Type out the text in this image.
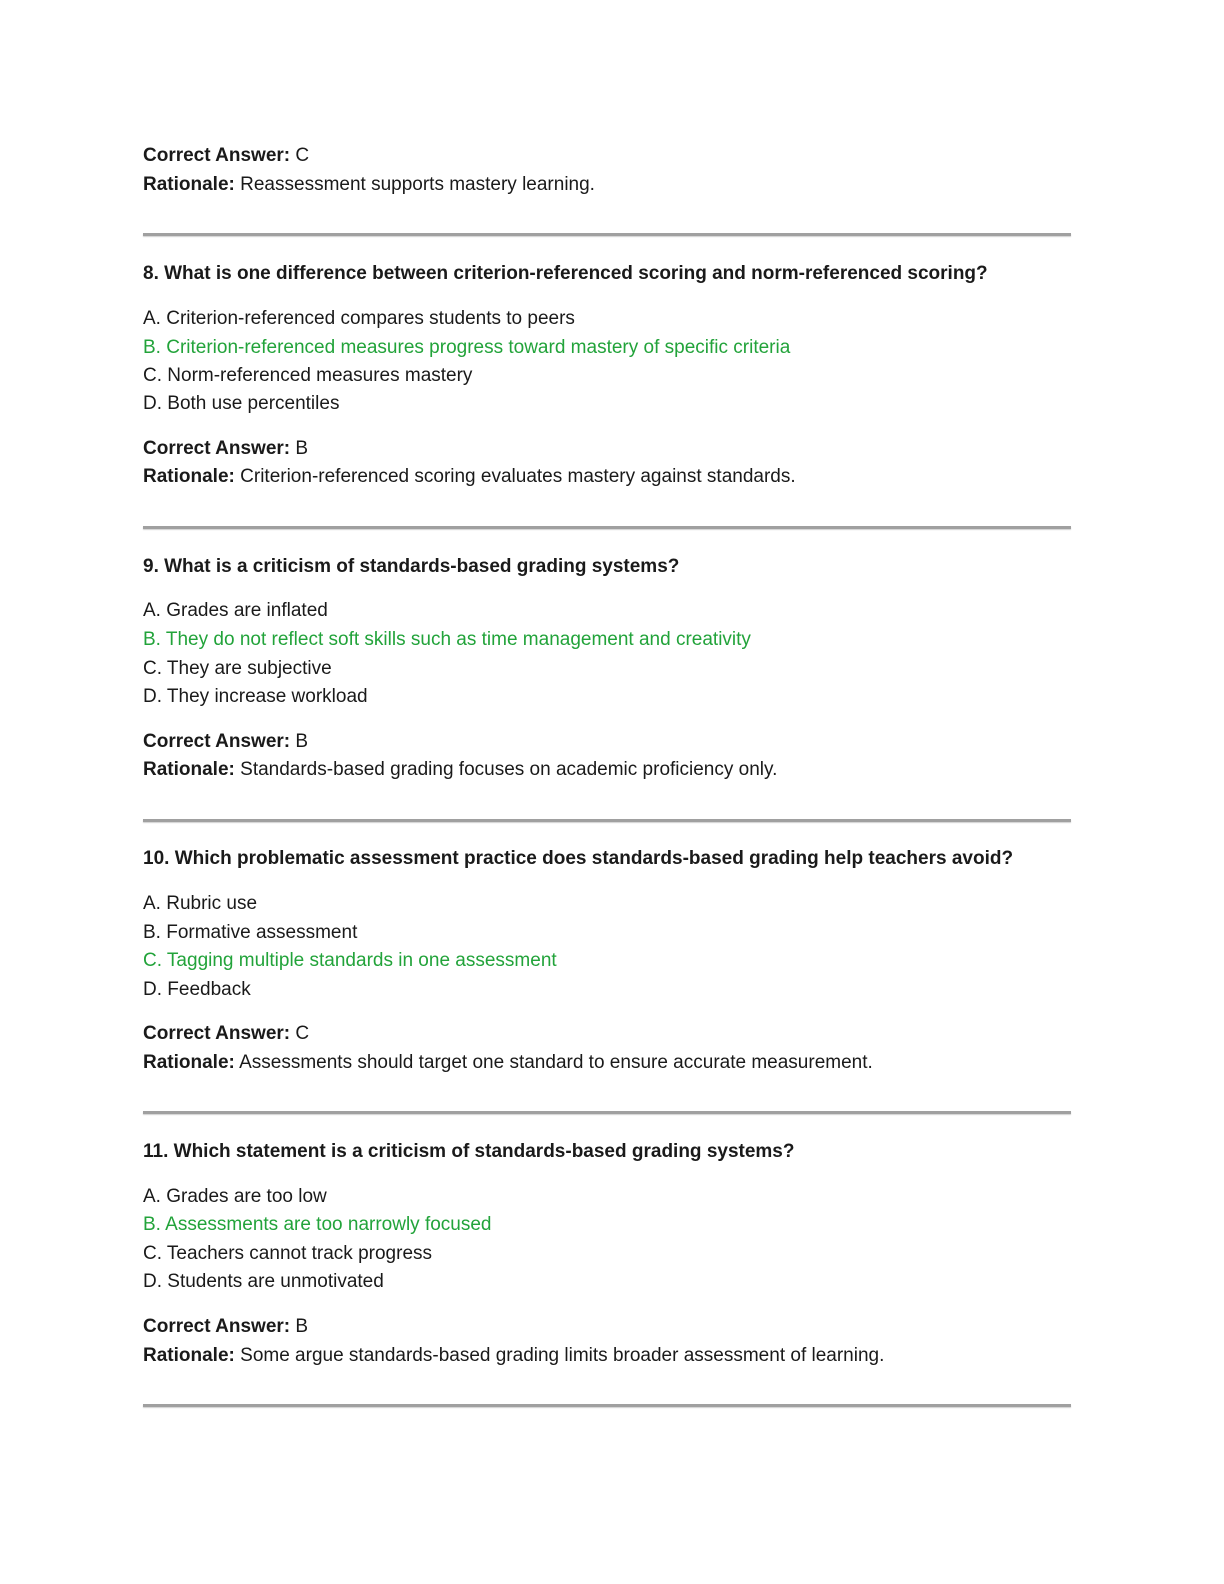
Correct Answer: C
Rationale: Reassessment supports mastery learning.
8. What is one difference between criterion-referenced scoring and norm-referenced scoring?
A. Criterion-referenced compares students to peers
B. Criterion-referenced measures progress toward mastery of specific criteria
C. Norm-referenced measures mastery
D. Both use percentiles
Correct Answer: B
Rationale: Criterion-referenced scoring evaluates mastery against standards.
9. What is a criticism of standards-based grading systems?
A. Grades are inflated
B. They do not reflect soft skills such as time management and creativity
C. They are subjective
D. They increase workload
Correct Answer: B
Rationale: Standards-based grading focuses on academic proficiency only.
10. Which problematic assessment practice does standards-based grading help teachers avoid?
A. Rubric use
B. Formative assessment
C. Tagging multiple standards in one assessment
D. Feedback
Correct Answer: C
Rationale: Assessments should target one standard to ensure accurate measurement.
11. Which statement is a criticism of standards-based grading systems?
A. Grades are too low
B. Assessments are too narrowly focused
C. Teachers cannot track progress
D. Students are unmotivated
Correct Answer: B
Rationale: Some argue standards-based grading limits broader assessment of learning.
